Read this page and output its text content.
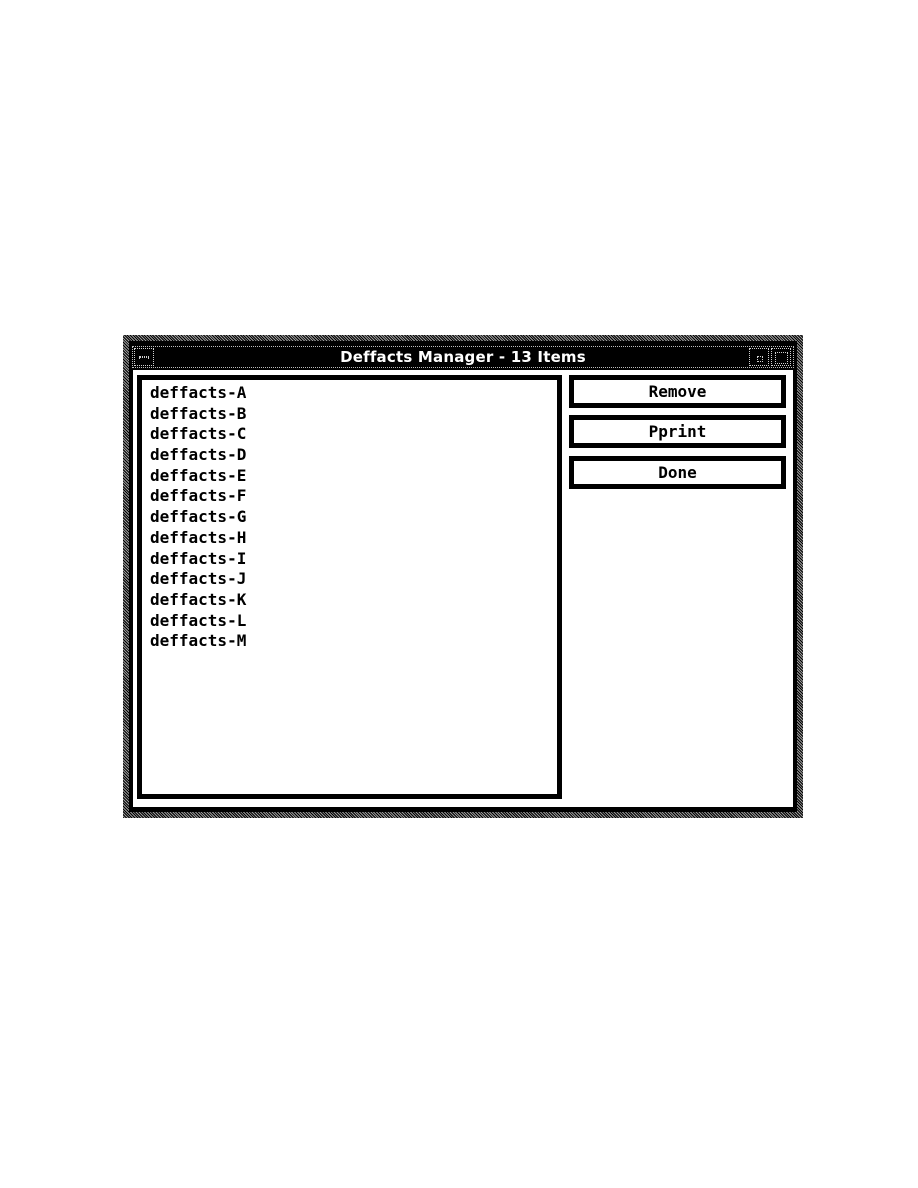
Deffacts Manager - 13 Items
deffacts-A
deffacts-B
deffacts-C
deffacts-D
deffacts-E
deffacts-F
deffacts-G
deffacts-H
deffacts-I
deffacts-J
deffacts-K
deffacts-L
deffacts-M
Remove
Pprint
Done
